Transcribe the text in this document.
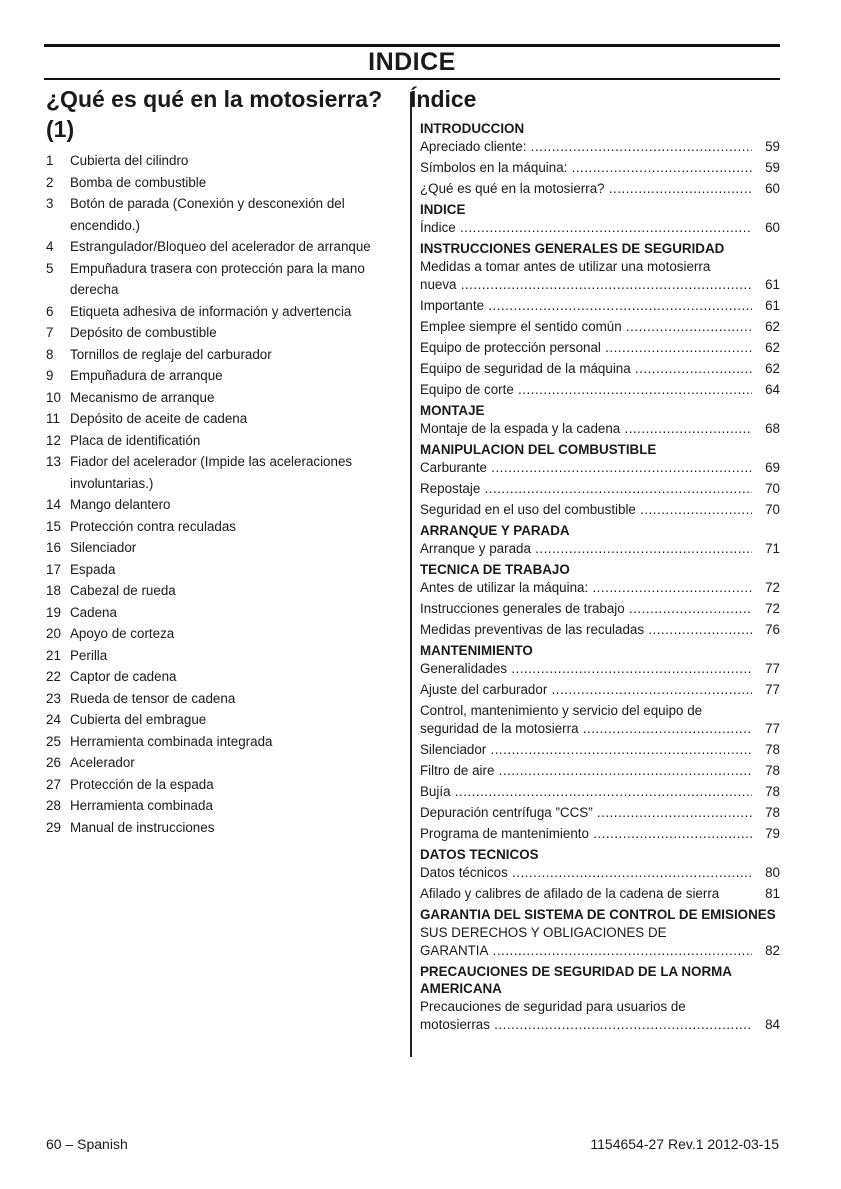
INDICE
¿Qué es qué en la motosierra? (1)
1	Cubierta del cilindro
2	Bomba de combustible
3	Botón de parada (Conexión y desconexión del encendido.)
4	Estrangulador/Bloqueo del acelerador de arranque
5	Empuñadura trasera con protección para la mano derecha
6	Etiqueta adhesiva de información y advertencia
7	Depósito de combustible
8	Tornillos de reglaje del carburador
9	Empuñadura de arranque
10 Mecanismo de arranque
11 Depósito de aceite de cadena
12 Placa de identificatión
13 Fiador del acelerador (Impide las aceleraciones involuntarias.)
14 Mango delantero
15 Protección contra reculadas
16 Silenciador
17 Espada
18 Cabezal de rueda
19 Cadena
20 Apoyo de corteza
21 Perilla
22 Captor de cadena
23 Rueda de tensor de cadena
24 Cubierta del embrague
25 Herramienta combinada integrada
26 Acelerador
27 Protección de la espada
28 Herramienta combinada
29 Manual de instrucciones
Índice
INTRODUCCION
Apreciado cliente: .....	59
Símbolos en la máquina: .....	59
¿Qué es qué en la motosierra? .....	60
INDICE
Índice .....	60
INSTRUCCIONES GENERALES DE SEGURIDAD
Medidas a tomar antes de utilizar una motosierra
nueva .....	61
Importante .....	61
Emplee siempre el sentido común .....	62
Equipo de protección personal .....	62
Equipo de seguridad de la máquina .....	62
Equipo de corte .....	64
MONTAJE
Montaje de la espada y la cadena .....	68
MANIPULACION DEL COMBUSTIBLE
Carburante .....	69
Repostaje .....	70
Seguridad en el uso del combustible .....	70
ARRANQUE Y PARADA
Arranque y parada .....	71
TECNICA DE TRABAJO
Antes de utilizar la máquina: .....	72
Instrucciones generales de trabajo .....	72
Medidas preventivas de las reculadas .....	76
MANTENIMIENTO
Generalidades .....	77
Ajuste del carburador .....	77
Control, mantenimiento y servicio del equipo de
seguridad de la motosierra .....	77
Silenciador .....	78
Filtro de aire .....	78
Bujía .....	78
Depuración centrífuga ”CCS” .....	78
Programa de mantenimiento .....	79
DATOS TECNICOS
Datos técnicos .....	80
Afilado y calibres de afilado de la cadena de sierra	81
GARANTIA DEL SISTEMA DE CONTROL DE EMISIONES
SUS DERECHOS Y OBLIGACIONES DE
GARANTIA .....	82
PRECAUCIONES DE SEGURIDAD DE LA NORMA AMERICANA
Precauciones de seguridad para usuarios de
motosierras .....	84
60 – Spanish	1154654-27 Rev.1 2012-03-15
